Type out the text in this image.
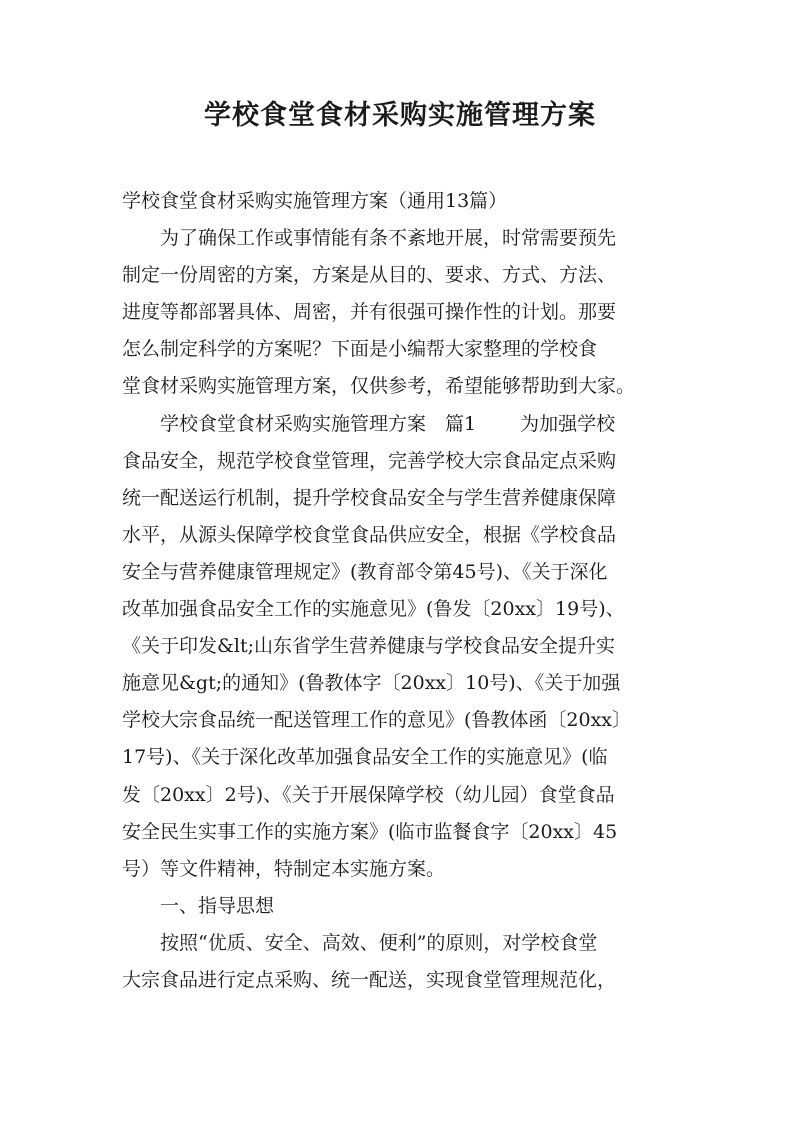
学校食堂食材采购实施管理方案
学校食堂食材采购实施管理方案（通用13篇）
为了确保工作或事情能有条不紊地开展，时常需要预先
制定一份周密的方案，方案是从目的、要求、方式、方法、
进度等都部署具体、周密，并有很强可操作性的计划。那要
怎么制定科学的方案呢？下面是小编帮大家整理的学校食
堂食材采购实施管理方案，仅供参考，希望能够帮助到大家。
学校食堂食材采购实施管理方案　篇1 为加强学校
食品安全，规范学校食堂管理，完善学校大宗食品定点采购
统一配送运行机制，提升学校食品安全与学生营养健康保障
水平，从源头保障学校食堂食品供应安全，根据《学校食品
安全与营养健康管理规定》(教育部令第45号)、《关于深化
改革加强食品安全工作的实施意见》(鲁发〔20xx〕19号)、
《关于印发&lt;山东省学生营养健康与学校食品安全提升实
施意见&gt;的通知》(鲁教体字〔20xx〕10号)、《关于加强
学校大宗食品统一配送管理工作的意见》(鲁教体函〔20xx〕
17号)、《关于深化改革加强食品安全工作的实施意见》(临
发〔20xx〕2号)、《关于开展保障学校（幼儿园）食堂食品
安全民生实事工作的实施方案》(临市监餐食字〔20xx〕45
号）等文件精神，特制定本实施方案。
一、指导思想
按照“优质、安全、高效、便利”的原则，对学校食堂
大宗食品进行定点采购、统一配送，实现食堂管理规范化，
